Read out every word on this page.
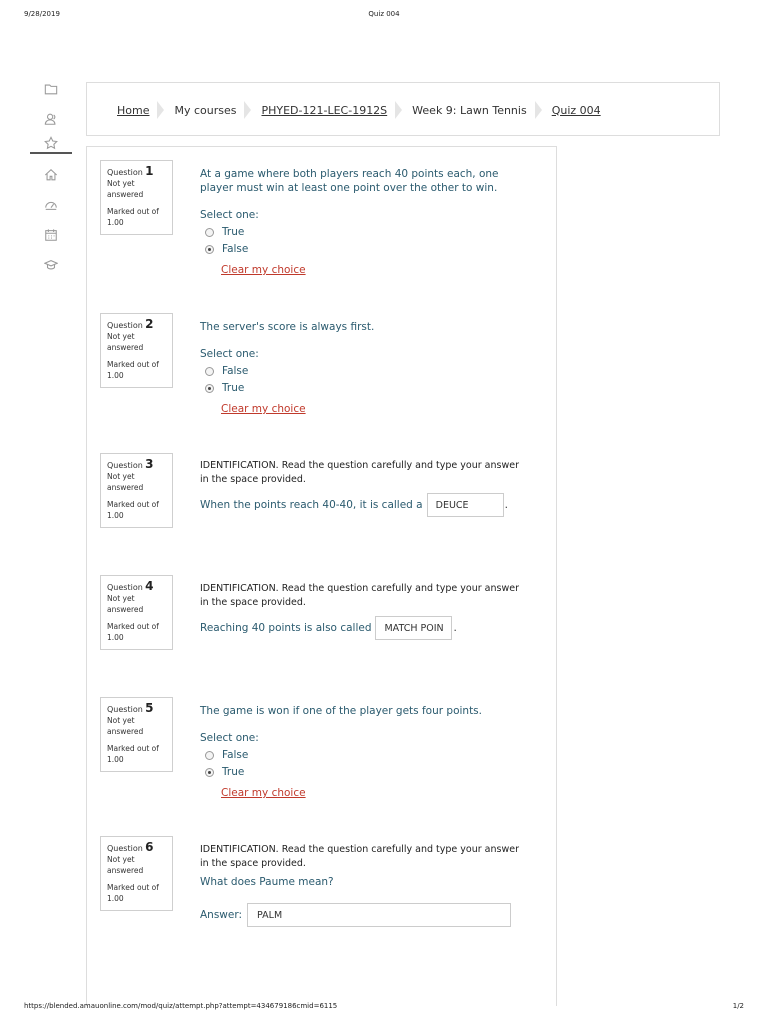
9/28/2019	Quiz 004
Home My courses PHYED-121-LEC-1912S Week 9: Lawn Tennis Quiz 004
Question 1
Not yet
answered
Marked out of
1.00
At a game where both players reach 40 points each, one player must win at least one point over the other to win.
Select one:
True
False
Clear my choice
Question 2
Not yet
answered
Marked out of
1.00
The server's score is always first.
Select one:
False
True
Clear my choice
Question 3
Not yet
answered
Marked out of
1.00
IDENTIFICATION. Read the question carefully and type your answer in the space provided.
When the points reach 40-40, it is called a	DEUCE	.
Question 4
Not yet
answered
Marked out of
1.00
IDENTIFICATION. Read the question carefully and type your answer in the space provided.
Reaching 40 points is also called	MATCH POIN .
Question 5
Not yet
answered
Marked out of
1.00
The game is won if one of the player gets four points.
Select one:
False
True
Clear my choice
Question 6
Not yet
answered
Marked out of
1.00
IDENTIFICATION. Read the question carefully and type your answer in the space provided.
What does Paume mean?
Answer:	PALM
https://blended.amauonline.com/mod/quiz/attempt.php?attempt=434679186cmid=6115	1/2
